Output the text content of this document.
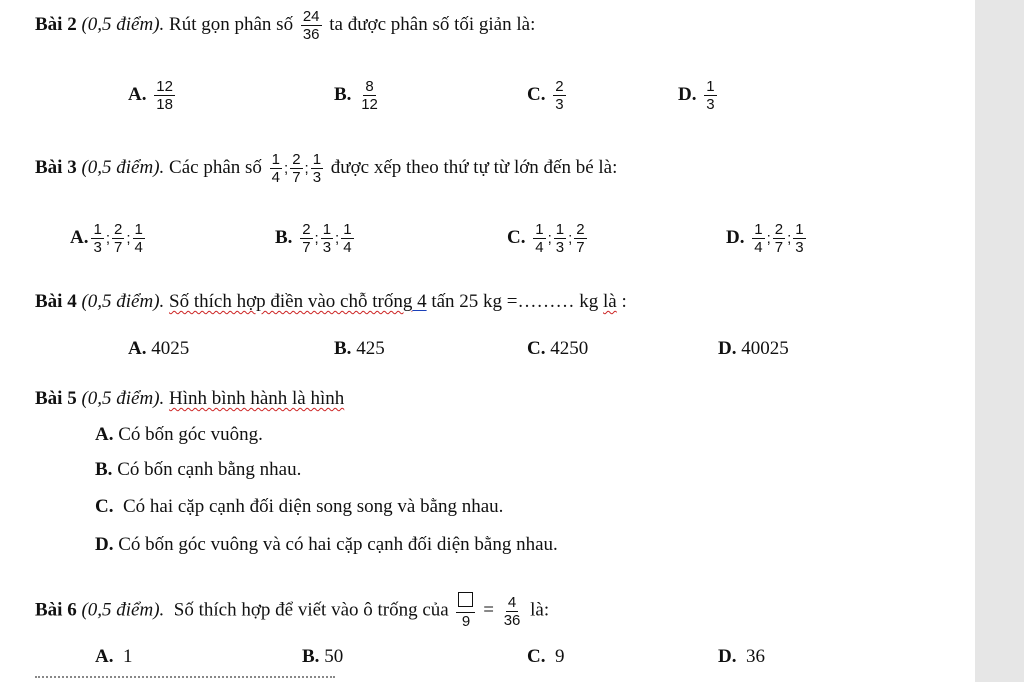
Bài 2 (0,5 điểm). Rút gọn phân số $\frac{24}{36}$ ta được phân số tối giản là:
A. $\frac{12}{18}$	B. $\frac{8}{12}$	C. $\frac{2}{3}$	D. $\frac{1}{3}$
Bài 3 (0,5 điểm). Các phân số $\frac{1}{4}$ ; $\frac{2}{7}$ ; $\frac{1}{3}$ được xếp theo thứ tự từ lớn đến bé là:
A. $\frac{1}{3}$ ; $\frac{2}{7}$ ; $\frac{1}{4}$	B. $\frac{2}{7}$ ; $\frac{1}{3}$ ; $\frac{1}{4}$	C. $\frac{1}{4}$ ; $\frac{1}{3}$ ; $\frac{2}{7}$	D. $\frac{1}{4}$ ; $\frac{2}{7}$ ; $\frac{1}{3}$
Bài 4 (0,5 điểm). Số thích hợp điền vào chỗ trống 4 tấn 25 kg =……… kg là :
A. 4025	B. 425	C. 4250	D. 40025
Bài 5 (0,5 điểm). Hình bình hành là hình
A. Có bốn góc vuông.
B. Có bốn cạnh bằng nhau.
C. Có hai cặp cạnh đối diện song song và bằng nhau.
D. Có bốn góc vuông và có hai cặp cạnh đối diện bằng nhau.
Bài 6 (0,5 điểm). Số thích hợp để viết vào ô trống của
9
= $\frac{4}{36}$ là:
A. 1	B. 50	C. 9	D. 36
